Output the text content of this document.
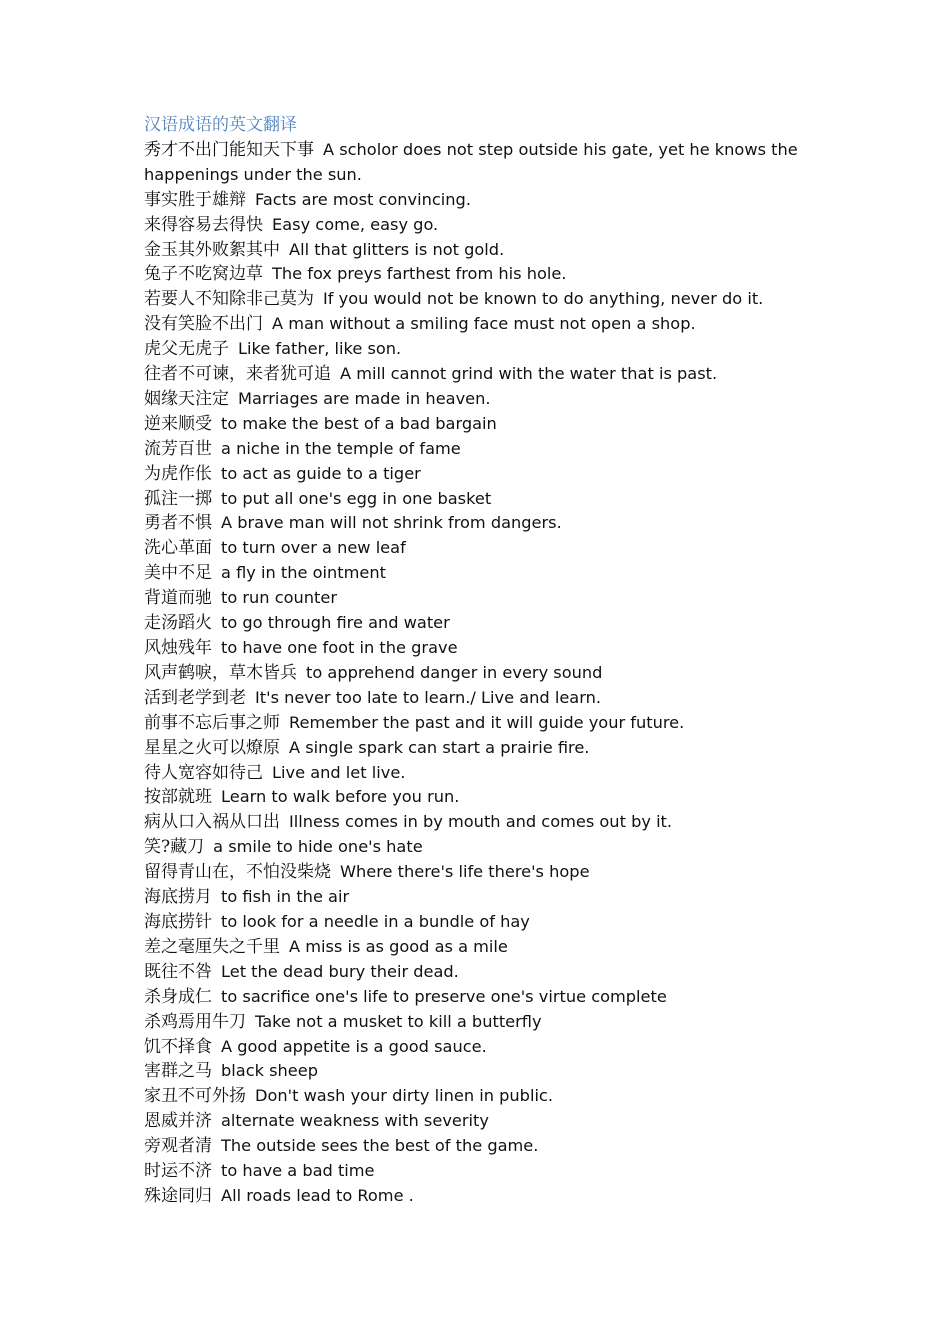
汉语成语的英文翻译
秀才不出门能知天下事 A scholor does not step outside his gate, yet he knows the happenings under the sun.
事实胜于雄辩 Facts are most convincing.
来得容易去得快 Easy come, easy go.
金玉其外败絮其中 All that glitters is not gold.
兔子不吃窝边草 The fox preys farthest from his hole.
若要人不知除非己莫为 If you would not be known to do anything, never do it.
没有笑脸不出门 A man without a smiling face must not open a shop.
虎父无虎子 Like father, like son.
往者不可谏，来者犹可追 A mill cannot grind with the water that is past.
姻缘天注定 Marriages are made in heaven.
逆来顺受 to make the best of a bad bargain
流芳百世 a niche in the temple of fame
为虎作伥 to act as guide to a tiger
孤注一掷 to put all one's egg in one basket
勇者不惧 A brave man will not shrink from dangers.
洗心革面 to turn over a new leaf
美中不足 a fly in the ointment
背道而驰 to run counter
走汤蹈火 to go through fire and water
风烛残年 to have one foot in the grave
风声鹤唳，草木皆兵 to apprehend danger in every sound
活到老学到老 It's never too late to learn./ Live and learn.
前事不忘后事之师 Remember the past and it will guide your future.
星星之火可以燎原 A single spark can start a prairie fire.
待人宽容如待己 Live and let live.
按部就班 Learn to walk before you run.
病从口入祸从口出 Illness comes in by mouth and comes out by it.
笑?藏刀 a smile to hide one's hate
留得青山在，不怕没柴烧 Where there's life there's hope
海底捞月 to fish in the air
海底捞针 to look for a needle in a bundle of hay
差之毫厘失之千里 A miss is as good as a mile
既往不咎 Let the dead bury their dead.
杀身成仁 to sacrifice one's life to preserve one's virtue complete
杀鸡焉用牛刀 Take not a musket to kill a butterfly
饥不择食 A good appetite is a good sauce.
害群之马 black sheep
家丑不可外扬 Don't wash your dirty linen in public.
恩威并济 alternate weakness with severity
旁观者清 The outside sees the best of the game.
时运不济 to have a bad time
殊途同归 All roads lead to Rome .
